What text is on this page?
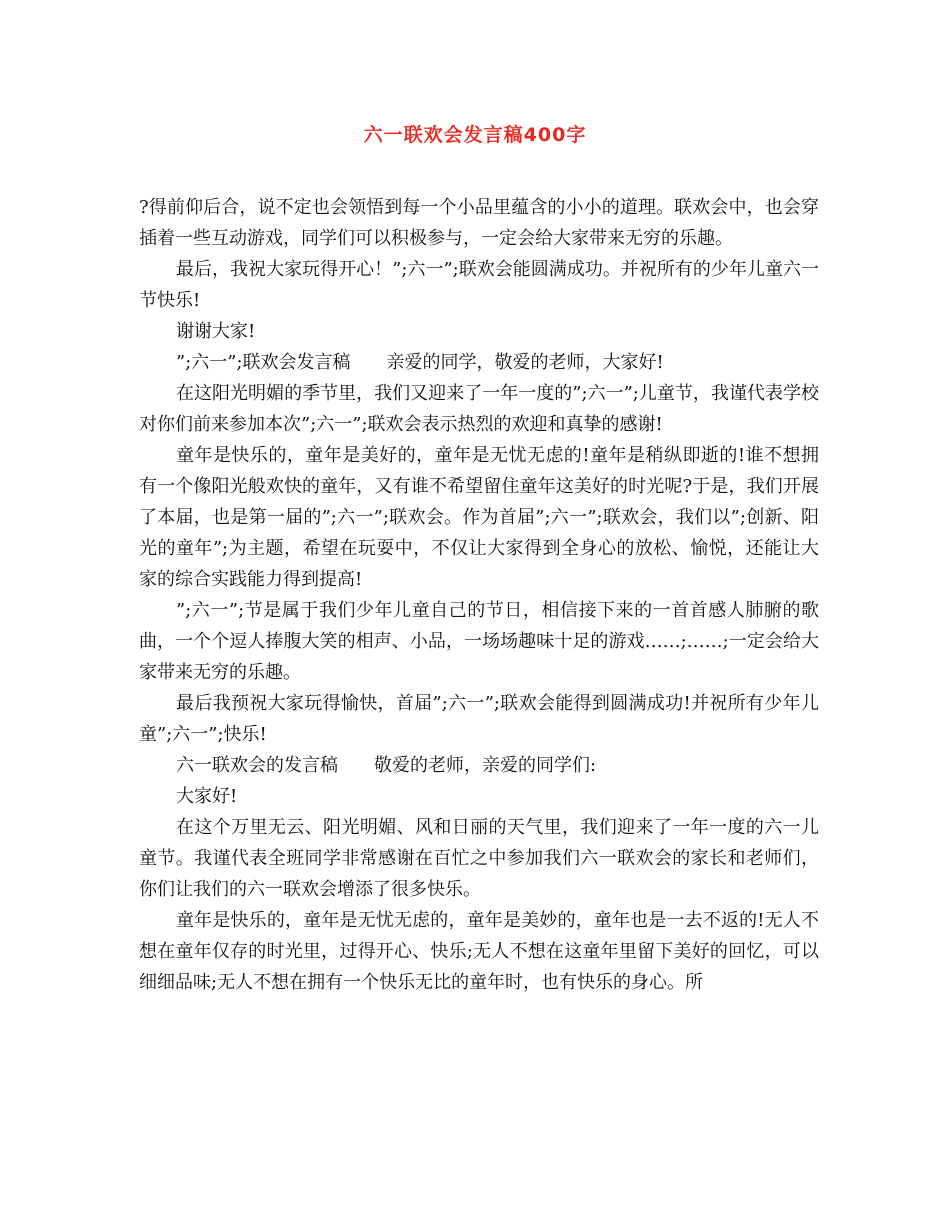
六一联欢会发言稿400字

?得前仰后合，说不定也会领悟到每一个小品里蕴含的小小的道理。联欢会中，也会穿插着一些互动游戏，同学们可以积极参与，一定会给大家带来无穷的乐趣。

最后，我祝大家玩得开心！”;六一”;联欢会能圆满成功。并祝所有的少年儿童六一节快乐!

谢谢大家!

”;六一”;联欢会发言稿　　亲爱的同学，敬爱的老师，大家好!

在这阳光明媚的季节里，我们又迎来了一年一度的”;六一”;儿童节，我谨代表学校对你们前来参加本次”;六一”;联欢会表示热烈的欢迎和真挚的感谢!

童年是快乐的，童年是美好的，童年是无忧无虑的!童年是稍纵即逝的!谁不想拥有一个像阳光般欢快的童年，又有谁不希望留住童年这美好的时光呢?于是，我们开展了本届，也是第一届的”;六一”;联欢会。作为首届”;六一”;联欢会，我们以”;创新、阳光的童年”;为主题，希望在玩耍中，不仅让大家得到全身心的放松、愉悦，还能让大家的综合实践能力得到提高!

”;六一”;节是属于我们少年儿童自己的节日，相信接下来的一首首感人肺腑的歌曲，一个个逗人捧腹大笑的相声、小品，一场场趣味十足的游戏……;……;一定会给大家带来无穷的乐趣。

最后我预祝大家玩得愉快，首届”;六一”;联欢会能得到圆满成功!并祝所有少年儿童”;六一”;快乐!

六一联欢会的发言稿　　敬爱的老师，亲爱的同学们:

大家好!

在这个万里无云、阳光明媚、风和日丽的天气里，我们迎来了一年一度的六一儿童节。我谨代表全班同学非常感谢在百忙之中参加我们六一联欢会的家长和老师们，你们让我们的六一联欢会增添了很多快乐。

童年是快乐的，童年是无忧无虑的，童年是美妙的，童年也是一去不返的!无人不想在童年仅存的时光里，过得开心、快乐;无人不想在这童年里留下美好的回忆，可以细细品味;无人不想在拥有一个快乐无比的童年时，也有快乐的身心。所
